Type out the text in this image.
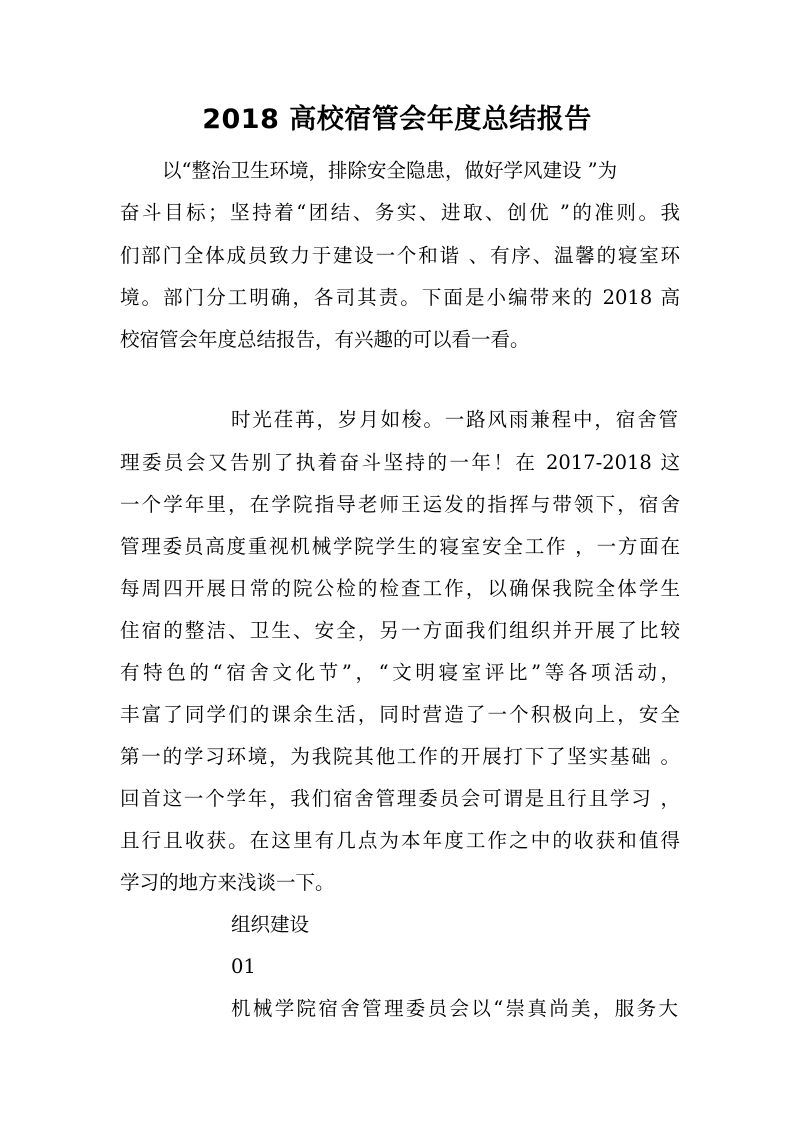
2018 高校宿管会年度总结报告
以“整治卫生环境，排除安全隐患，做好学风建设 ”为
奋斗目标；坚持着“团结、务实、进取、创优 ”的准则。我
们部门全体成员致力于建设一个和谐 、有序、温馨的寝室环
境。部门分工明确，各司其责。下面是小编带来的 2018 高
校宿管会年度总结报告，有兴趣的可以看一看。
时光荏苒，岁月如梭。一路风雨兼程中，宿舍管
理委员会又告别了执着奋斗坚持的一年！在 2017-2018 这
一个学年里，在学院指导老师王运发的指挥与带领下，宿舍
管理委员高度重视机械学院学生的寝室安全工作 ，一方面在
每周四开展日常的院公检的检查工作，以确保我院全体学生
住宿的整洁、卫生、安全，另一方面我们组织并开展了比较
有特色的“宿舍文化节”，“文明寝室评比”等各项活动，
丰富了同学们的课余生活，同时营造了一个积极向上，安全
第一的学习环境，为我院其他工作的开展打下了坚实基础 。
回首这一个学年，我们宿舍管理委员会可谓是且行且学习 ，
且行且收获。在这里有几点为本年度工作之中的收获和值得
学习的地方来浅谈一下。
组织建设
01
机械学院宿舍管理委员会以“崇真尚美，服务大
